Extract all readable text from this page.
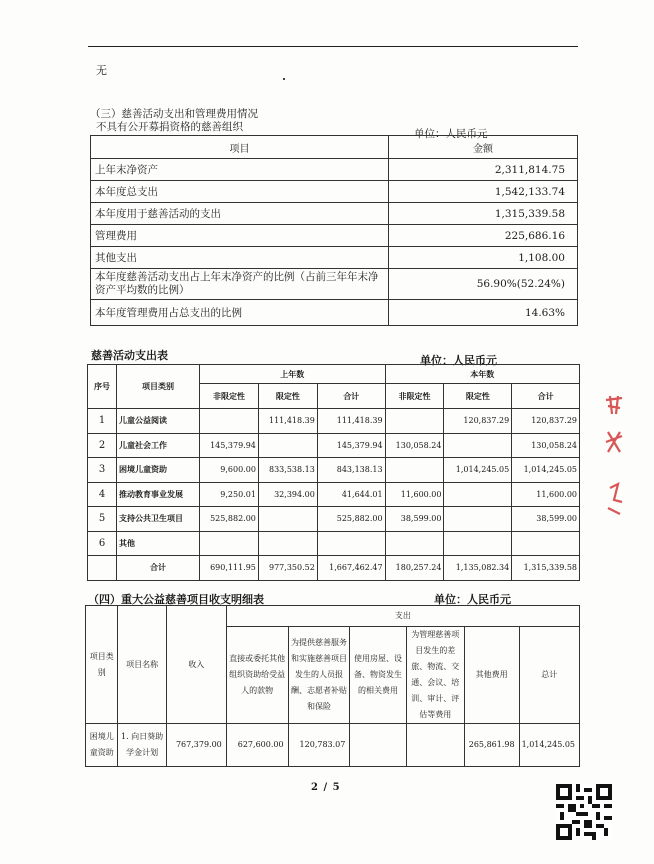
无
（三）慈善活动支出和管理费用情况
不具有公开募捐资格的慈善组织
单位：人民币元
项目	金额
上年末净资产	2,311,814.75
本年度总支出	1,542,133.74
本年度用于慈善活动的支出	1,315,339.58
管理费用	225,686.16
其他支出	1,108.00
本年度慈善活动支出占上年末净资产的比例（占前三年年末净资产平均数的比例）	56.90%(52.24%)
本年度管理费用占总支出的比例	14.63%
慈善活动支出表	单位：人民币元
序号	项目类别	上年数			本年数		
		非限定性	限定性	合计	非限定性	限定性	合计
1	儿童公益阅读		111,418.39	111,418.39		120,837.29	120,837.29
2	儿童社会工作	145,379.94		145,379.94	130,058.24		130,058.24
3	困境儿童资助	9,600.00	833,538.13	843,138.13		1,014,245.05	1,014,245.05
4	推动教育事业发展	9,250.01	32,394.00	41,644.01	11,600.00		11,600.00
5	支持公共卫生项目	525,882.00		525,882.00	38,599.00		38,599.00
6	其他						
	合计	690,111.95	977,350.52	1,667,462.47	180,257.24	1,135,082.34	1,315,339.58
（四）重大公益慈善项目收支明细表	单位：人民币元
项目类别	项目名称	收入	支出					
			直接或委托其他组织资助给受益人的款物	为提供慈善服务和实施慈善项目发生的人员报酬、志愿者补贴和保险	使用房屋、设备、物资发生的相关费用	为管理慈善项目发生的差旅、物流、交通、会议、培训、审计、评估等费用	其他费用	总计
困境儿童资助	1. 向日葵助学金计划	767,379.00	627,600.00	120,783.07			265,861.98	1,014,245.05
2 / 5
